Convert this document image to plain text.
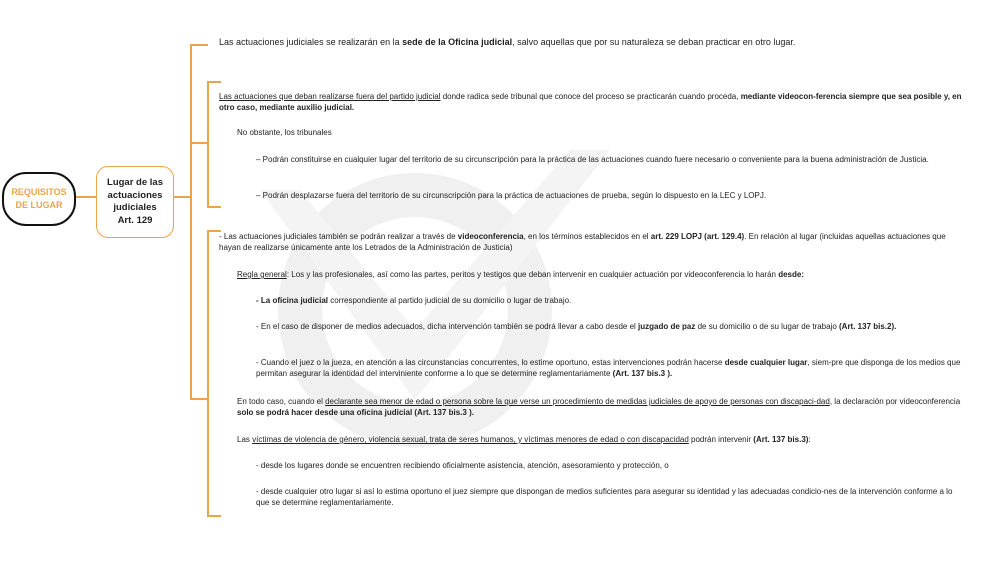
REQUISITOS
DE LUGAR
Lugar de las
actuaciones
judiciales
Art. 129
Las actuaciones judiciales se realizarán en la sede de la Oficina judicial, salvo aquellas que por su naturaleza se deban practicar en otro lugar.
Las actuaciones que deban realizarse fuera del partido judicial donde radica sede tribunal que conoce del proceso se practicarán cuando proceda, mediante videocon-ferencia siempre que sea posible y, en otro caso, mediante auxilio judicial.
No obstante, los tribunales
– Podrán constituirse en cualquier lugar del territorio de su circunscripción para la práctica de las actuaciones cuando fuere necesario o conveniente para la buena administración de Justicia.
– Podrán desplazarse fuera del territorio de su circunscripción para la práctica de actuaciones de prueba, según lo dispuesto en la LEC y LOPJ.
- Las actuaciones judiciales también se podrán realizar a través de videoconferencia, en los términos establecidos en el art. 229 LOPJ (art. 129.4). En relación al lugar (incluidas aquellas actuaciones que hayan de realizarse únicamente ante los Letrados de la Administración de Justicia)
Regla general: Los y las profesionales, así como las partes, peritos y testigos que deban intervenir en cualquier actuación por videoconferencia lo harán desde:
- La oficina judicial correspondiente al partido judicial de su domicilio o lugar de trabajo.
- En el caso de disponer de medios adecuados, dicha intervención también se podrá llevar a cabo desde el juzgado de paz de su domicilio o de su lugar de trabajo (Art. 137 bis.2).
- Cuando el juez o la jueza, en atención a las circunstancias concurrentes, lo estime oportuno, estas intervenciones podrán hacerse desde cualquier lugar, siem-pre que disponga de los medios que permitan asegurar la identidad del interviniente conforme a lo que se determine reglamentariamente (Art. 137 bis.3 ).
En todo caso, cuando el declarante sea menor de edad o persona sobre la que verse un procedimiento de medidas judiciales de apoyo de personas con discapaci-dad, la declaración por videoconferencia solo se podrá hacer desde una oficina judicial (Art. 137 bis.3 ).
Las víctimas de violencia de género, violencia sexual, trata de seres humanos, y víctimas menores de edad o con discapacidad podrán intervenir (Art. 137 bis.3):
- desde los lugares donde se encuentren recibiendo oficialmente asistencia, atención, asesoramiento y protección, o
- desde cualquier otro lugar si así lo estima oportuno el juez siempre que dispongan de medios suficientes para asegurar su identidad y las adecuadas condicio-nes de la intervención conforme a lo que se determine reglamentariamente.
